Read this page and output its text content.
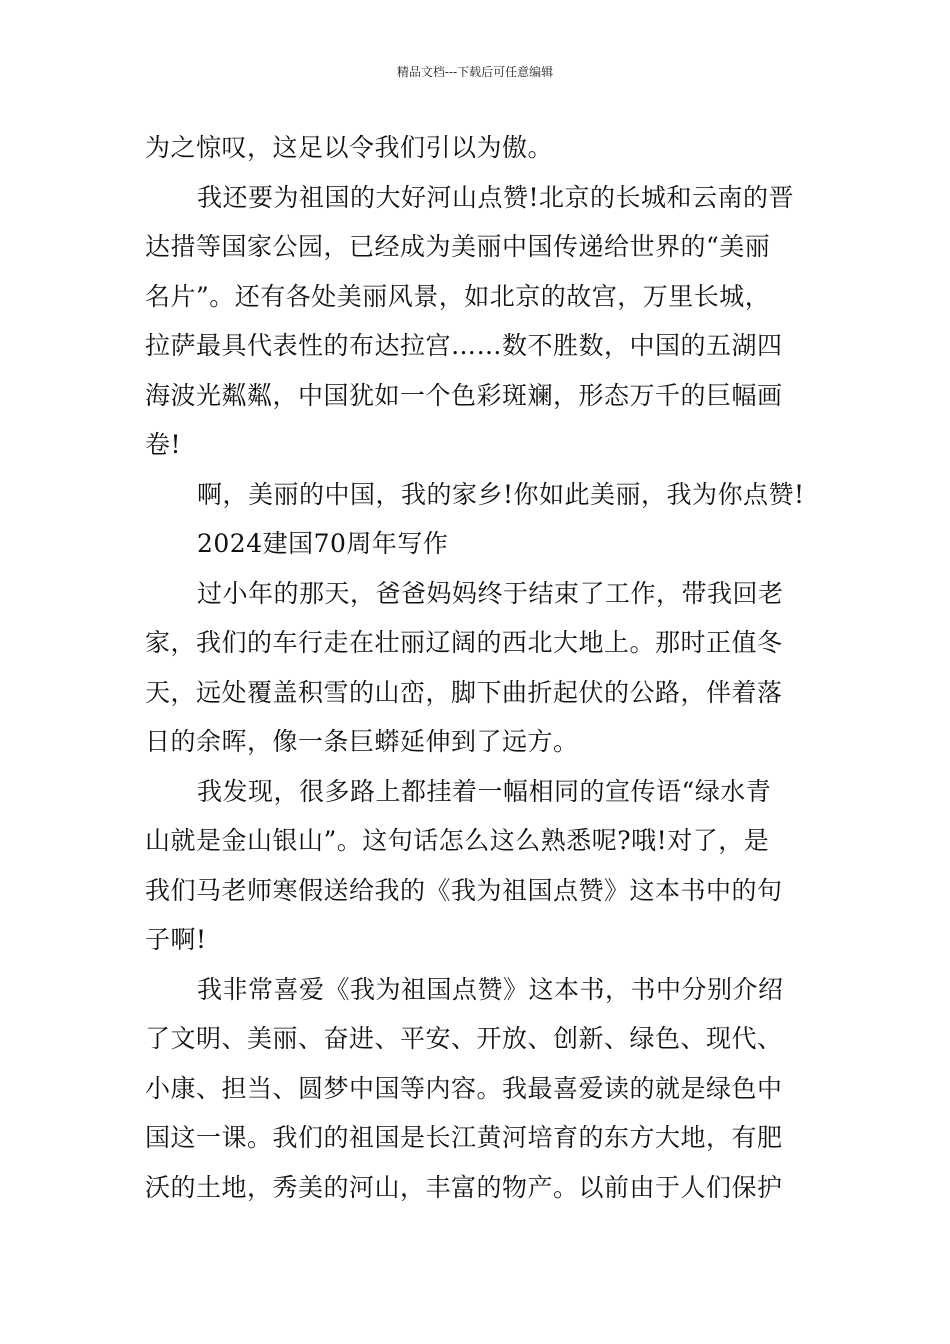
精品文档---下载后可任意编辑

为之惊叹，这足以令我们引以为傲。

我还要为祖国的大好河山点赞!北京的长城和云南的晋
达措等国家公园，已经成为美丽中国传递给世界的“美丽
名片”。还有各处美丽风景，如北京的故宫，万里长城，
拉萨最具代表性的布达拉宫……数不胜数，中国的五湖四
海波光粼粼，中国犹如一个色彩斑斓，形态万千的巨幅画
卷!

啊，美丽的中国，我的家乡!你如此美丽，我为你点赞!

2024建国70周年写作

过小年的那天，爸爸妈妈终于结束了工作，带我回老
家，我们的车行走在壮丽辽阔的西北大地上。那时正值冬
天，远处覆盖积雪的山峦，脚下曲折起伏的公路，伴着落
日的余晖，像一条巨蟒延伸到了远方。

我发现，很多路上都挂着一幅相同的宣传语“绿水青
山就是金山银山”。这句话怎么这么熟悉呢?哦!对了，是
我们马老师寒假送给我的《我为祖国点赞》这本书中的句
子啊!

我非常喜爱《我为祖国点赞》这本书，书中分别介绍
了文明、美丽、奋进、平安、开放、创新、绿色、现代、
小康、担当、圆梦中国等内容。我最喜爱读的就是绿色中
国这一课。我们的祖国是长江黄河培育的东方大地，有肥
沃的土地，秀美的河山，丰富的物产。以前由于人们保护
